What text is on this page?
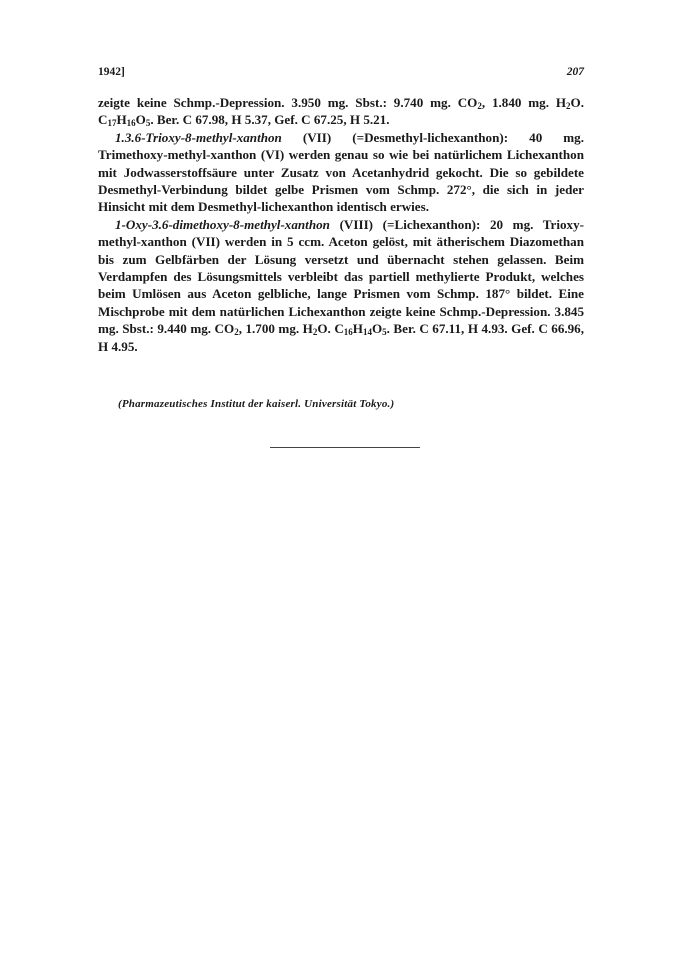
1942]	207

zeigte keine Schmp.-Depression. 3.950 mg. Sbst.: 9.740 mg. $CO_2$, 1.840 mg. $H_2O$. $C_{17}H_{16}O_5$. Ber. C 67.98, H 5.37, Gef. C 67.25, H 5.21.

1.3.6-Trioxy-8-methyl-xanthon (VII) (=Desmethyl-lichexanthon): 40 mg. Trimethoxy-methyl-xanthon (VI) werden genau so wie bei natürlichem Lichexanthon mit Jodwasserstoffsäure unter Zusatz von Acetanhydrid gekocht. Die so gebildete Desmethyl-Verbindung bildet gelbe Prismen vom Schmp. 272°, die sich in jeder Hinsicht mit dem Desmethyl-lichexanthon identisch erwies.

1-Oxy-3.6-dimethoxy-8-methyl-xanthon (VIII) (=Lichexanthon): 20 mg. Trioxy-methyl-xanthon (VII) werden in 5 ccm. Aceton gelöst, mit ätherischem Diazomethan bis zum Gelbfärben der Lösung versetzt und übernacht stehen gelassen. Beim Verdampfen des Lösungsmittels verbleibt das partiell methylierte Produkt, welches beim Umlösen aus Aceton gelbliche, lange Prismen vom Schmp. 187° bildet. Eine Mischprobe mit dem natürlichen Lichexanthon zeigte keine Schmp.-Depression. 3.845 mg. Sbst.: 9.440 mg. $CO_2$, 1.700 mg. $H_2O$. $C_{16}H_{14}O_5$. Ber. C 67.11, H 4.93. Gef. C 66.96, H 4.95.

(Pharmazeutisches Institut der kaiserl. Universität Tokyo.)
